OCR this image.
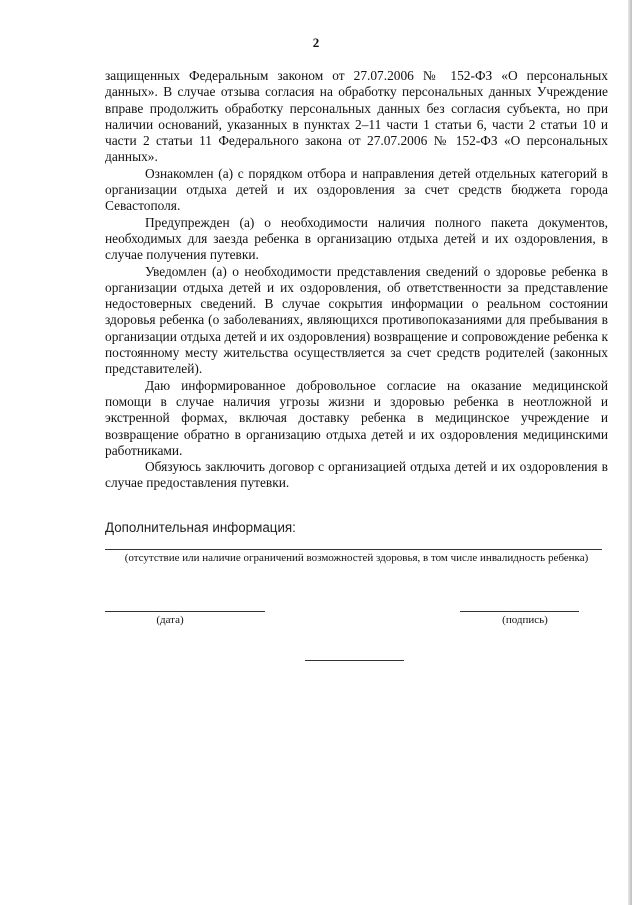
2

защищенных Федеральным законом от 27.07.2006 № 152-ФЗ «О персональных данных». В случае отзыва согласия на обработку персональных данных Учреждение вправе продолжить обработку персональных данных без согласия субъекта, но при наличии оснований, указанных в пунктах 2–11 части 1 статьи 6, части 2 статьи 10 и части 2 статьи 11 Федерального закона от 27.07.2006 № 152-ФЗ «О персональных данных».

Ознакомлен (а) с порядком отбора и направления детей отдельных категорий в организации отдыха детей и их оздоровления за счет средств бюджета города Севастополя.

Предупрежден (а) о необходимости наличия полного пакета документов, необходимых для заезда ребенка в организацию отдыха детей и их оздоровления, в случае получения путевки.

Уведомлен (а) о необходимости представления сведений о здоровье ребенка в организации отдыха детей и их оздоровления, об ответственности за представление недостоверных сведений. В случае сокрытия информации о реальном состоянии здоровья ребенка (о заболеваниях, являющихся противопоказаниями для пребывания в организации отдыха детей и их оздоровления) возвращение и сопровождение ребенка к постоянному месту жительства осуществляется за счет средств родителей (законных представителей).

Даю информированное добровольное согласие на оказание медицинской помощи в случае наличия угрозы жизни и здоровью ребенка в неотложной и экстренной формах, включая доставку ребенка в медицинское учреждение и возвращение обратно в организацию отдыха детей и их оздоровления медицинскими работниками.

Обязуюсь заключить договор с организацией отдыха детей и их оздоровления в случае предоставления путевки.

Дополнительная информация:
(отсутствие или наличие ограничений возможностей здоровья, в том числе инвалидность ребенка)
(дата)	(подпись)
